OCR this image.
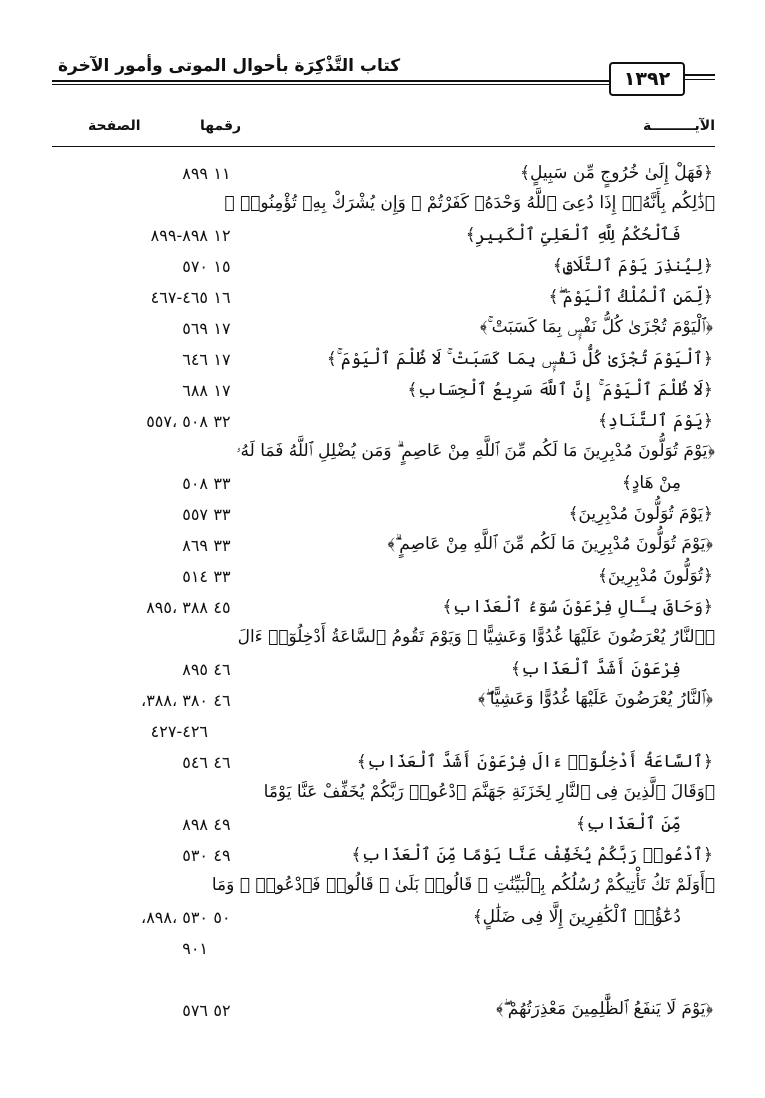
كتاب التَّذْكِرَة بأحوال الموتى وأمور الآخرة
١٣٩٢
الصفحة	رقمها	الآيـــــــــة
٨٩٩ ١١	﴿فَهَلْ إِلَىٰ خُرُوجٍ مِّن سَبِيلٍ﴾
﴿ذَٰلِكُم بِأَنَّهُۥٓ إِذَا دُعِىَ ٱللَّهُ وَحْدَهُۥ كَفَرْتُمْ ۖ وَإِن يُشْرَكْ بِهِۦ تُؤْمِنُوا۟ ۚ
٨٩٨-٨٩٩ ١٢	فَٱلْحُكْمُ لِلَّهِ ٱلْعَلِىِّ ٱلْكَبِيرِ﴾
٥٧٠ ١٥	﴿لِيُنذِرَ يَوْمَ ٱلتَّلَاقِ﴾
٤٦٥-٤٦٧ ١٦	﴿لِّمَنِ ٱلْمُلْكُ ٱلْيَوْمَ ۖ﴾
٥٦٩ ١٧	﴿ٱلْيَوْمَ تُجْزَىٰ كُلُّ نَفْسٍۭ بِمَا كَسَبَتْ ۚ﴾
٦٤٦ ١٧	﴿ٱلْيَوْمَ تُجْزَىٰ كُلُّ نَفْسٍۭ بِمَا كَسَبَتْ ۚ لَا ظُلْمَ ٱلْيَوْمَ ۚ﴾
٦٨٨ ١٧	﴿لَا ظُلْمَ ٱلْيَوْمَ ۚ إِنَّ ٱللَّهَ سَرِيعُ ٱلْحِسَابِ﴾
٥٠٨ ،٥٥٧ ٣٢	﴿يَوْمَ ٱلتَّنَادِ﴾
﴿يَوْمَ تُوَلُّونَ مُدْبِرِينَ مَا لَكُم مِّنَ ٱللَّهِ مِنْ عَاصِمٍ ۗ وَمَن يُضْلِلِ ٱللَّهُ فَمَا لَهُۥ
٥٠٨ ٣٣	مِنْ هَادٍ﴾
٥٥٧ ٣٣	﴿يَوْمَ تُوَلُّونَ مُدْبِرِينَ﴾
٨٦٩ ٣٣	﴿يَوْمَ تُوَلُّونَ مُدْبِرِينَ مَا لَكُم مِّنَ ٱللَّهِ مِنْ عَاصِمٍ ۗ﴾
٥١٤ ٣٣	﴿تُوَلُّونَ مُدْبِرِينَ﴾
٣٨٨ ،٨٩٥ ٤٥	﴿وَحَاقَ بِـَٔالِ فِرْعَوْنَ سُوٓءُ ٱلْعَذَابِ﴾
﴿ٱلنَّارُ يُعْرَضُونَ عَلَيْهَا غُدُوًّا وَعَشِيًّا ۖ وَيَوْمَ تَقُومُ ٱلسَّاعَةُ أَدْخِلُوٓا۟ ءَالَ
٨٩٥ ٤٦	فِرْعَوْنَ أَشَدَّ ٱلْعَذَابِ﴾
٣٨٠ ،٣٨٨، ٤٦	﴿ٱلنَّارُ يُعْرَضُونَ عَلَيْهَا غُدُوًّا وَعَشِيًّا ۖ﴾
٤٢٦-٤٢٧
٥٤٦ ٤٦	﴿ٱلسَّاعَةُ أَدْخِلُوٓا۟ ءَالَ فِرْعَوْنَ أَشَدَّ ٱلْعَذَابِ﴾
﴿وَقَالَ ٱلَّذِينَ فِى ٱلنَّارِ لِخَزَنَةِ جَهَنَّمَ ٱدْعُوا۟ رَبَّكُمْ يُخَفِّفْ عَنَّا يَوْمًا
٨٩٨ ٤٩	مِّنَ ٱلْعَذَابِ﴾
٥٣٠ ٤٩	﴿ٱدْعُوا۟ رَبَّكُمْ يُخَفِّفْ عَنَّا يَوْمًا مِّنَ ٱلْعَذَابِ﴾
﴿أَوَلَمْ تَكُ تَأْتِيكُمْ رُسُلُكُم بِٱلْبَيِّنَٰتِ ۖ قَالُوا۟ بَلَىٰ ۚ قَالُوا۟ فَٱدْعُوا۟ ۗ وَمَا
٥٣٠ ،٨٩٨، ٥٠	دُعَٰٓؤُا۟ ٱلْكَٰفِرِينَ إِلَّا فِى ضَلَٰلٍ﴾
٩٠١
٥٧٦ ٥٢	﴿يَوْمَ لَا يَنفَعُ ٱلظَّٰلِمِينَ مَعْذِرَتُهُمْ ۖ﴾
